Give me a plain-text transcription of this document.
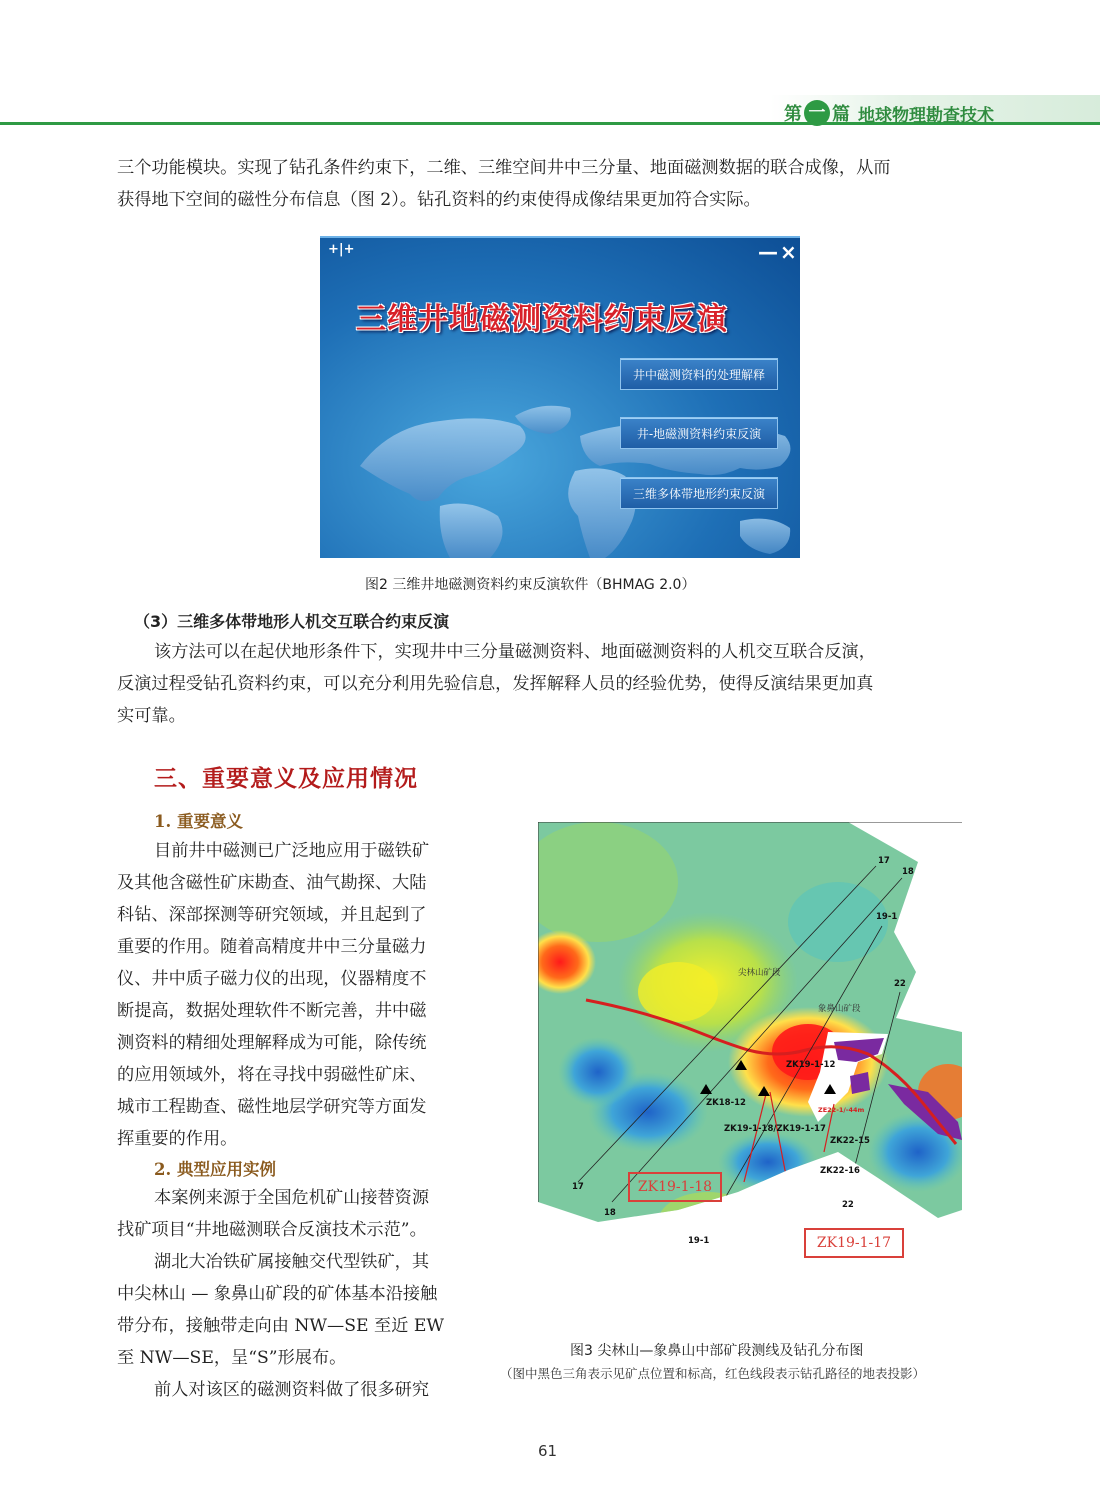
第 一 篇 地球物理勘查技术
三个功能模块。实现了钻孔条件约束下，二维、三维空间井中三分量、地面磁测数据的联合成像，从而
获得地下空间的磁性分布信息（图 2）。钻孔资料的约束使得成像结果更加符合实际。
+|+	— ×
三维井地磁测资料约束反演
井中磁测资料的处理解释
井-地磁测资料约束反演
三维多体带地形约束反演
图2 三维井地磁测资料约束反演软件（BHMAG 2.0）
（3）三维多体带地形人机交互联合约束反演
该方法可以在起伏地形条件下，实现井中三分量磁测资料、地面磁测资料的人机交互联合反演，
反演过程受钻孔资料约束，可以充分利用先验信息，发挥解释人员的经验优势，使得反演结果更加真
实可靠。
三、重要意义及应用情况
1. 重要意义
目前井中磁测已广泛地应用于磁铁矿
及其他含磁性矿床勘查、油气勘探、大陆
科钻、深部探测等研究领域，并且起到了
重要的作用。随着高精度井中三分量磁力
仪、井中质子磁力仪的出现，仪器精度不
断提高，数据处理软件不断完善，井中磁
测资料的精细处理解释成为可能，除传统
的应用领域外，将在寻找中弱磁性矿床、
城市工程勘查、磁性地层学研究等方面发
挥重要的作用。
2. 典型应用实例
本案例来源于全国危机矿山接替资源
找矿项目“井地磁测联合反演技术示范”。
湖北大冶铁矿属接触交代型铁矿，其
中尖林山 — 象鼻山矿段的矿体基本沿接触
带分布，接触带走向由 NW—SE 至近 EW
至 NW—SE，呈“S”形展布。
前人对该区的磁测资料做了很多研究
17
18
19-1
22
尖林山矿段
象鼻山矿段
ZK19-1-12
ZK18-12
ZK19-1-18/ZK19-1-17
ZE22-1/-44m
ZK22-15
ZK22-16
22
17
18
19-1
ZK19-1-18
ZK19-1-17
图3 尖林山—象鼻山中部矿段测线及钻孔分布图
（图中黑色三角表示见矿点位置和标高，红色线段表示钻孔路径的地表投影）
61
